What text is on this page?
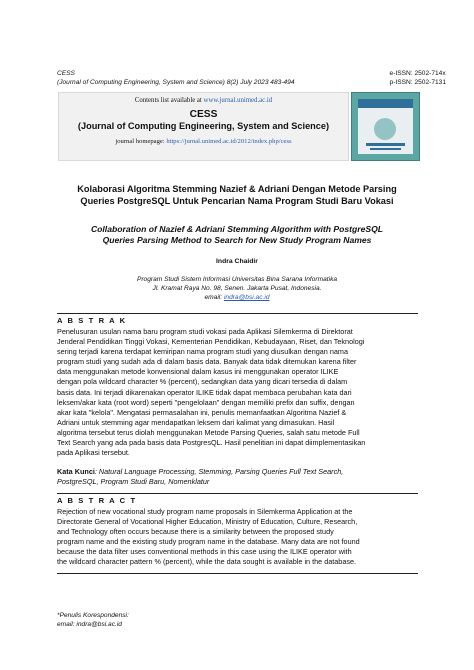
CESS
(Journal of Computing Engineering, System and Science) 8(2) July 2023 483-494
e-ISSN: 2502-714x
p-ISSN: 2502-7131
Contents list available at www.jurnal.unimed.ac.id
CESS
(Journal of Computing Engineering, System and Science)
journal homepage: https://jurnal.unimed.ac.id/2012/index.php/cess
Kolaborasi Algoritma Stemming Nazief & Adriani Dengan Metode Parsing
Queries PostgreSQL Untuk Pencarian Nama Program Studi Baru Vokasi
Collaboration of Nazief & Adriani Stemming Algorithm with PostgreSQL
Queries Parsing Method to Search for New Study Program Names
Indra Chaidir
Program Studi Sistem Informasi Universitas Bina Sarana Informatika
Jl. Kramat Raya No. 98, Senen. Jakarta Pusat, Indonesia.
email: indra@bsi.ac.id
A B S T R A K

Penelusuran usulan nama baru program studi vokasi pada Aplikasi Silemkerma di Direktorat

Jenderal Pendidikan Tinggi Vokasi, Kementerian Pendidikan, Kebudayaan, Riset, dan Teknologi

sering terjadi karena terdapat kemiripan nama program studi yang diusulkan dengan nama

program studi yang sudah ada di dalam basis data. Banyak data tidak ditemukan karena filter

data menggunakan metode konvensional dalam kasus ini menggunakan operator ILIKE

dengan pola wildcard character % (percent), sedangkan data yang dicari tersedia di dalam

basis data. Ini terjadi dikarenakan operator ILIKE tidak dapat membaca perubahan kata dari

leksem/akar kata (root word) seperti "pengelolaan" dengan memiliki prefix dan suffix, dengan

akar kata "kelola". Mengatasi permasalahan ini, penulis memanfaatkan Algoritma Nazief &

Adriani untuk stemming agar mendapatkan leksem dari kalimat yang dimasukan. Hasil

algoritma tersebut terus diolah menggunakan Metode Parsing Queries, salah satu metode Full

Text Search yang ada pada basis data PostgresQL. Hasil penelitian ini dapat diimplementasikan

pada Aplikasi tersebut.

Kata Kunci: Natural Language Processing, Stemming, Parsing Queries Full Text Search,
PostgreSQL, Program Studi Baru, Nomenklatur
A B S T R A C T

Rejection of new vocational study program name proposals in Silemkerma Application at the

Directorate General of Vocational Higher Education, Ministry of Education, Culture, Research,

and Technology often occurs because there is a similarity between the proposed study

program name and the existing study program name in the database. Many data are not found

because the data filter uses conventional methods in this case using the ILIKE operator with

the wildcard character pattern % (percent), while the data sought is available in the database.

*Penulis Korespondensi:
email: indra@bsi.ac.id
